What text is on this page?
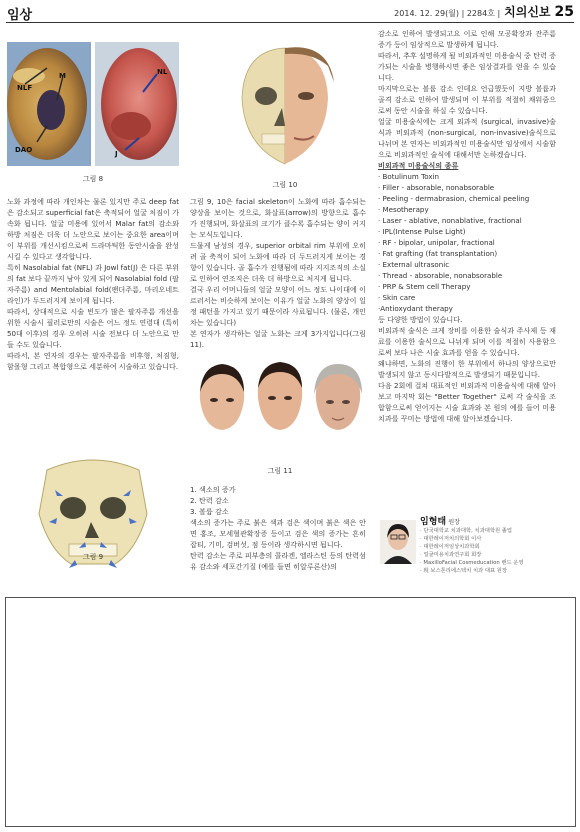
임상	2014. 12. 29(월) | 2284호 | 치의신보 25
NLF
M
DAO
NL
J
그림 8

노화 과정에 따라 개인차는 물론 있지만 주로 deep fat은 감소되고 superficial fat은 축적되어 얼굴 처짐이 가속화 됩니다. 얼굴 미용에 있어서 Malar fat의 감소와 하방 처짐은 더욱 더 노안으로 보이는 중요한 area이며 이 부위를 개선시킴으로써 드라마틱한 동안시술을 완성시킬 수 있다고 생각합니다.

특히 Nasolabial fat (NFL) 과 Jowl fat(J) 은 다른 부위의 fat 보다 끝까지 남아 있게 되어 Nasolabial fold (팔자주름) and Mentolabial fold(팬더주름, 마리오네트 라인)가 두드러지게 보이게 됩니다.

따라서, 상대적으로 시술 빈도가 많은 팔자주름 개선을 위한 시술시 필러로만의 시술은 어느 정도 연령대 (특히 50대 이후)의 경우 오히려 시술 전보다 더 노안으로 만들 수도 있습니다.

따라서, 본 연자의 경우는 팔자주름을 비후형, 처짐형, 함몰형 그리고 복합형으로 세분하여 시술하고 있습니다.

그림 9
그림 10

그림 9, 10은 facial skeleton이 노화에 따라 흡수되는 양상을 보이는 것으로, 화살표(arrow)의 방향으로 흡수가 진행되며, 화살표의 크기가 클수록 흡수되는 양이 커지는 모식도입니다.

드물게 남성의 경우, superior orbital rim 부위에 오히려 골 축적이 되어 노화에 따라 더 두드러지게 보이는 경향이 있습니다. 골 흡수가 진행됨에 따라 지지조직의 소실로 인하여 연조직은 더욱 더 하방으로 처지게 됩니다.

결국 우리 어머니들의 얼굴 모양이 어느 정도 나이대에 이르러서는 비슷하게 보이는 이유가 얼굴 노화의 양상이 일정 패턴을 가지고 있기 때문이라 사료됩니다. (물론, 개인차는 있습니다)

본 연자가 생각하는 얼굴 노화는 크게 3가지입니다(그림 11).

그림 11
1. 색소의 증가
2. 탄력 감소
3. 볼륨 감소

색소의 증가는 주로 붉은 색과 검은 색이며 붉은 색은 안면 홍조, 모세혈관확장증 등이고 검은 색의 증가는 흔히 잡티, 기미, 검버섯, 점 등이라 생각하시면 됩니다.

탄력 감소는 주로 피부층의 콜라겐, 엘라스틴 등의 탄력섬유 감소와 세포간기질 (예를 들면 히알루론산)의

감소로 인하여 발생되고요 이로 인해 모공확장과 잔주름 증가 등이 임상적으로 발생하게 됩니다.

따라서, 추후 설명하게 될 비외과적인 미용술식 중 탄력 증가되는 시술을 병행하시면 좋은 임상결과를 얻을 수 있습니다.

마지막으로는 볼륨 감소 인데요 언급했듯이 지방 볼륨과 골격 감소로 인하여 발생되며 이 부위를 적절히 채워줌으로써 동안 시술을 하실 수 있습니다.

얼굴 미용술식에는 크게 외과적 (surgical, invasive)술식과 비외과적 (non-surgical, non-invasive)술식으로 나뉘며 본 연자는 비외과적인 미용술식만 임상에서 시술함으로 비외과적인 술식에 대해서만 논하겠습니다.

비외과적 미용술식의 종류

· Botulinum Toxin
· Filler - absorable, nonabsorable
· Peeling - dermabrasion, chemical peeling
· Mesotherapy
· Laser - ablative, nonablative, fractional
· IPL(Intense Pulse Light)
· RF - bipolar, unipolar, fractional
· Fat grafting (fat transplantation)
· External ultrasonic
· Thread - absorable, nonabsorable
· PRP & Stem cell Therapy
· Skin care
·Antioxydant therapy
등 다양한 방법이 있습니다.

비외과적 술식은 크게 장비를 이용한 술식과 주사제 등 재료를 이용한 술식으로 나뉘게 되며 이를 적절히 사용함으로써 보다 나은 시술 효과를 얻을 수 있습니다.

왜냐하면, 노화의 진행이 한 부위에서 하나의 양상으로만 발생되지 않고 동시다발적으로 발생되기 때문입니다.

다음 2회에 걸쳐 대표적인 비외과적 미용술식에 대해 알아보고 마지막 회는 "Better Together" 로써 각 술식을 조합함으로써 얻어지는 시술 효과와 본 원의 예를 들어 미용치과를 꾸미는 방법에 대해 알아보겠습니다.

임형태 원장
· 단국대학교 치과대학, 치과대학원 졸업
· 대한레이저치의학회 이사
· 대한레이저임상치과학회
· 얼굴미용치과연구회 회장
· MaxilloFacial Cosmeducation 밴드 운영
· 現 보스톤리에스텍치 치과 대표 원장
